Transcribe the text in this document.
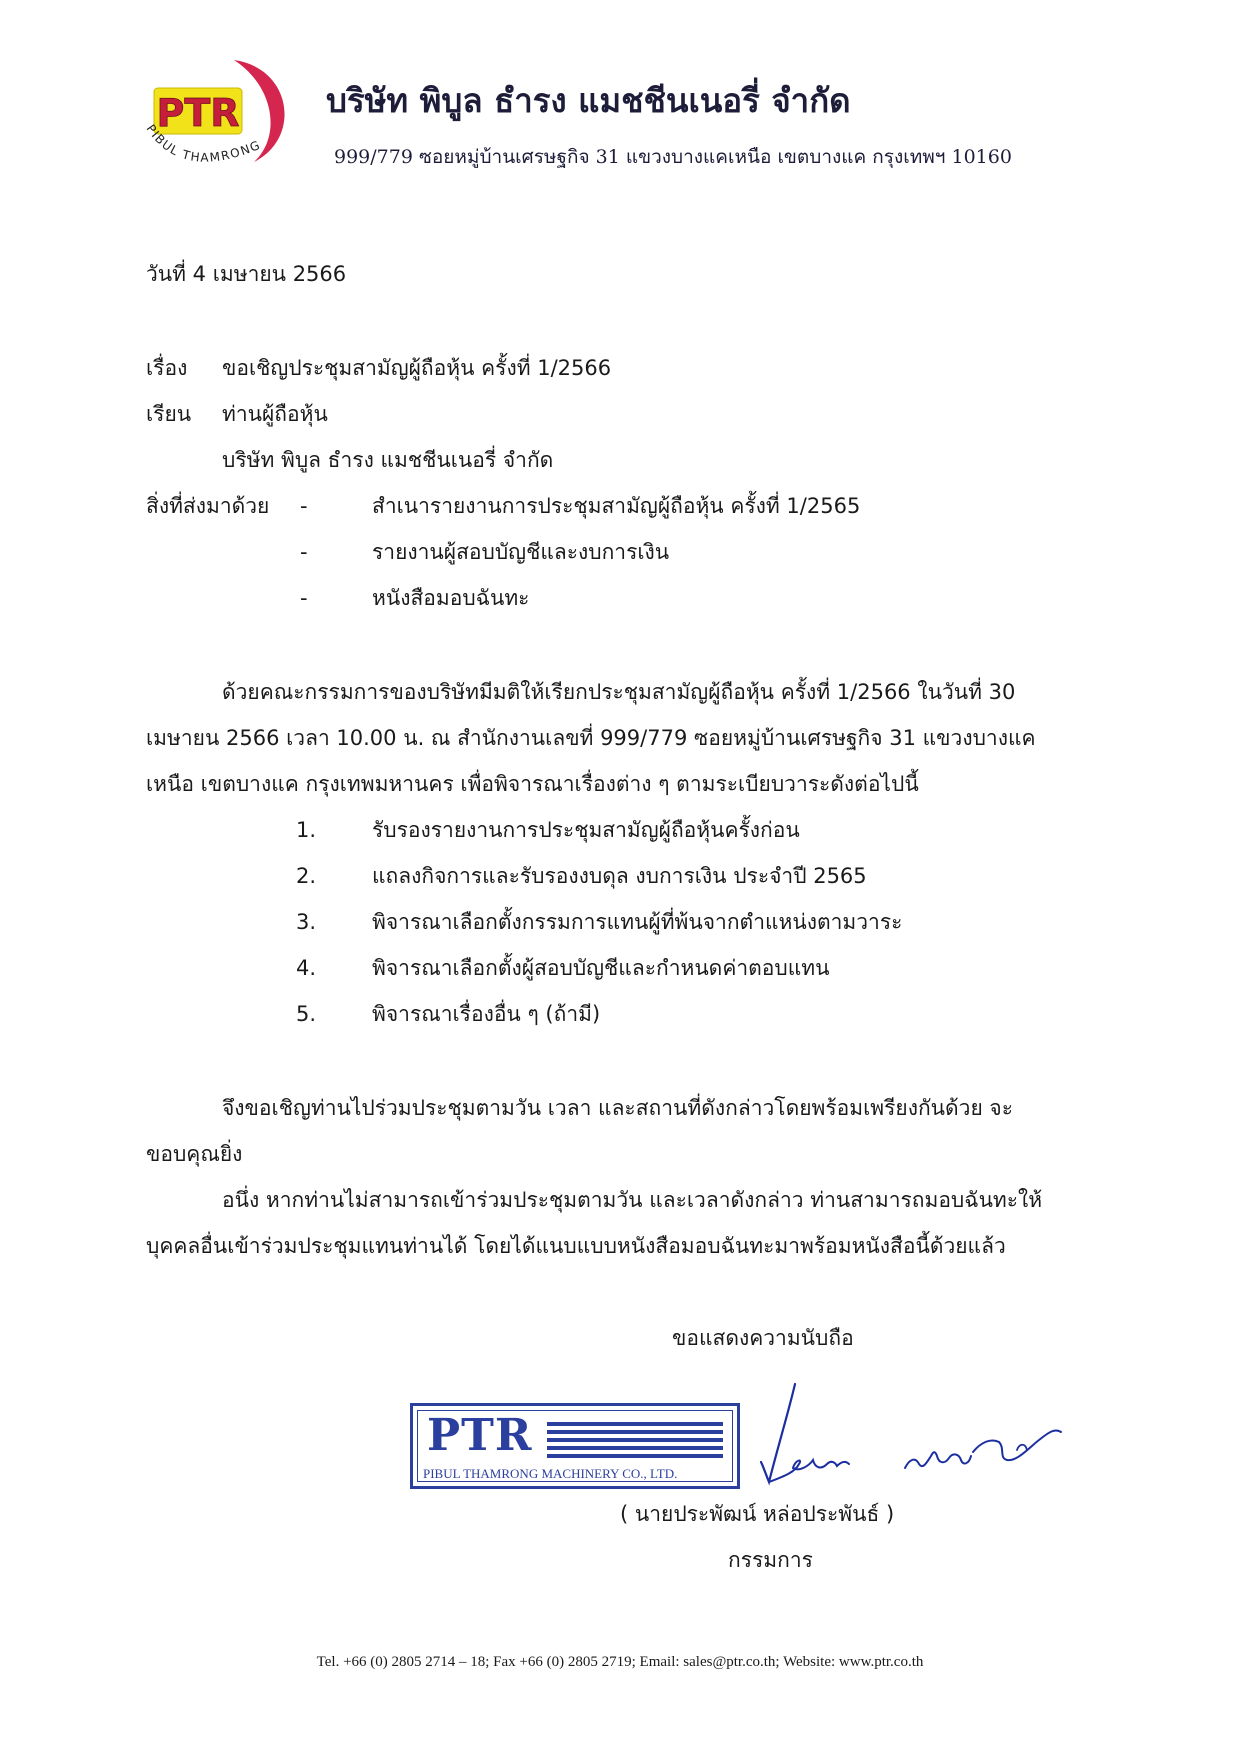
PTR
PIBUL THAMRONG
บริษัท พิบูล ธำรง แมชชีนเนอรี่ จำกัด
999/779 ซอยหมู่บ้านเศรษฐกิจ 31 แขวงบางแคเหนือ เขตบางแค กรุงเทพฯ 10160
วันที่ 4 เมษายน 2566
เรื่อง ขอเชิญประชุมสามัญผู้ถือหุ้น ครั้งที่ 1/2566
เรียน ท่านผู้ถือหุ้น
บริษัท พิบูล ธำรง แมชชีนเนอรี่ จำกัด
สิ่งที่ส่งมาด้วย -	สำเนารายงานการประชุมสามัญผู้ถือหุ้น ครั้งที่ 1/2565
-	รายงานผู้สอบบัญชีและงบการเงิน
-	หนังสือมอบฉันทะ
ด้วยคณะกรรมการของบริษัทมีมติให้เรียกประชุมสามัญผู้ถือหุ้น ครั้งที่ 1/2566 ในวันที่ 30
เมษายน 2566 เวลา 10.00 น. ณ สำนักงานเลขที่ 999/779 ซอยหมู่บ้านเศรษฐกิจ 31 แขวงบางแค
เหนือ เขตบางแค กรุงเทพมหานคร เพื่อพิจารณาเรื่องต่าง ๆ ตามระเบียบวาระดังต่อไปนี้
1.	รับรองรายงานการประชุมสามัญผู้ถือหุ้นครั้งก่อน
2.	แถลงกิจการและรับรองงบดุล งบการเงิน ประจำปี 2565
3.	พิจารณาเลือกตั้งกรรมการแทนผู้ที่พ้นจากตำแหน่งตามวาระ
4.	พิจารณาเลือกตั้งผู้สอบบัญชีและกำหนดค่าตอบแทน
5.	พิจารณาเรื่องอื่น ๆ (ถ้ามี)
จึงขอเชิญท่านไปร่วมประชุมตามวัน เวลา และสถานที่ดังกล่าวโดยพร้อมเพรียงกันด้วย จะ
ขอบคุณยิ่ง
อนึ่ง หากท่านไม่สามารถเข้าร่วมประชุมตามวัน และเวลาดังกล่าว ท่านสามารถมอบฉันทะให้
บุคคลอื่นเข้าร่วมประชุมแทนท่านได้ โดยได้แนบแบบหนังสือมอบฉันทะมาพร้อมหนังสือนี้ด้วยแล้ว
ขอแสดงความนับถือ
PTR
PIBUL THAMRONG MACHINERY CO., LTD.
( นายประพัฒน์ หล่อประพันธ์ )
กรรมการ
Tel. +66 (0) 2805 2714 – 18; Fax +66 (0) 2805 2719; Email: sales@ptr.co.th; Website: www.ptr.co.th
